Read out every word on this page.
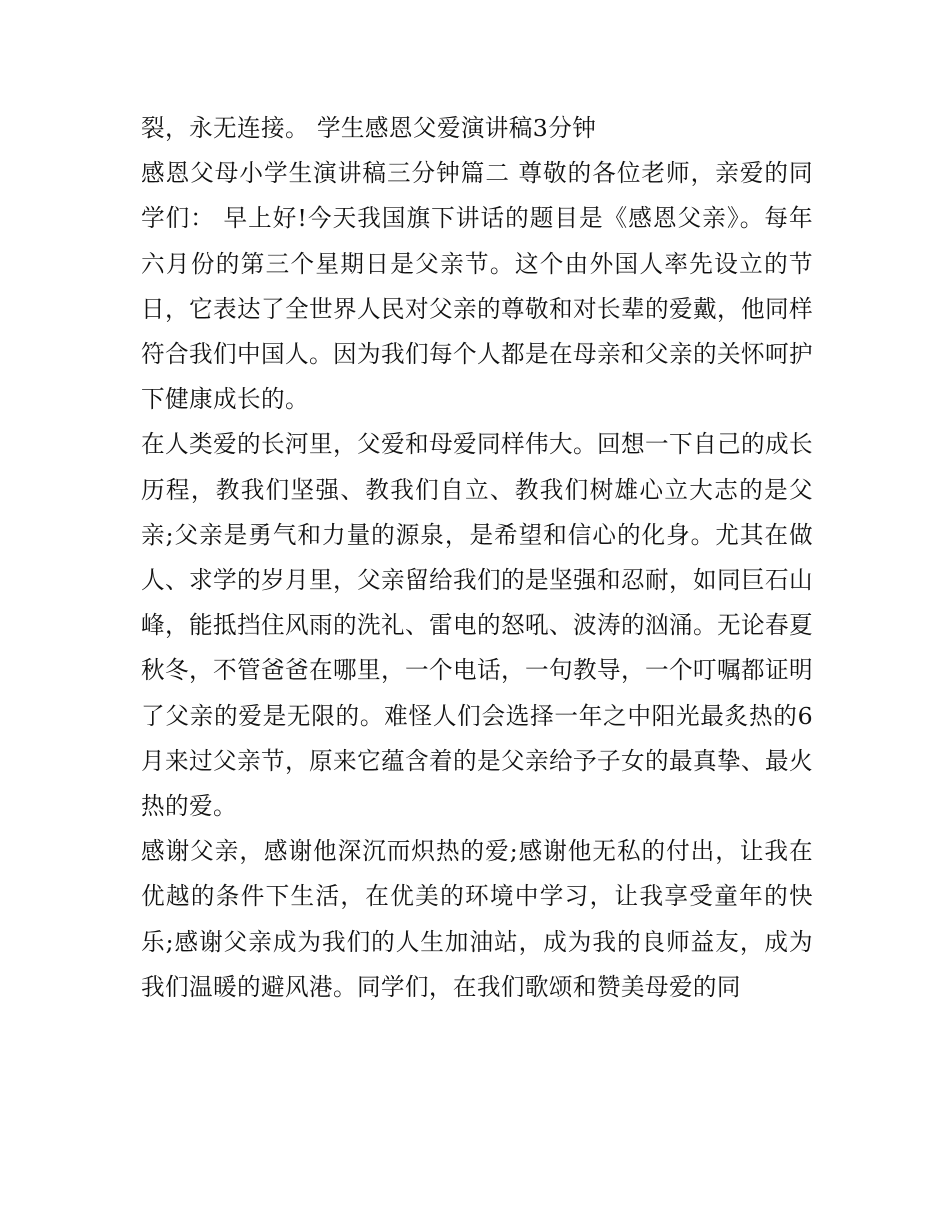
裂，永无连接。 学生感恩父爱演讲稿3分钟

感恩父母小学生演讲稿三分钟篇二 尊敬的各位老师，亲爱的同学们： 早上好!今天我国旗下讲话的题目是《感恩父亲》。每年六月份的第三个星期日是父亲节。这个由外国人率先设立的节日，它表达了全世界人民对父亲的尊敬和对长辈的爱戴，他同样符合我们中国人。因为我们每个人都是在母亲和父亲的关怀呵护下健康成长的。

在人类爱的长河里，父爱和母爱同样伟大。回想一下自己的成长历程，教我们坚强、教我们自立、教我们树雄心立大志的是父亲;父亲是勇气和力量的源泉，是希望和信心的化身。尤其在做人、求学的岁月里，父亲留给我们的是坚强和忍耐，如同巨石山峰，能抵挡住风雨的洗礼、雷电的怒吼、波涛的汹涌。无论春夏秋冬，不管爸爸在哪里，一个电话，一句教导，一个叮嘱都证明了父亲的爱是无限的。难怪人们会选择一年之中阳光最炙热的6月来过父亲节，原来它蕴含着的是父亲给予子女的最真挚、最火热的爱。

感谢父亲，感谢他深沉而炽热的爱;感谢他无私的付出，让我在优越的条件下生活，在优美的环境中学习，让我享受童年的快乐;感谢父亲成为我们的人生加油站，成为我的良师益友，成为我们温暖的避风港。同学们，在我们歌颂和赞美母爱的同
